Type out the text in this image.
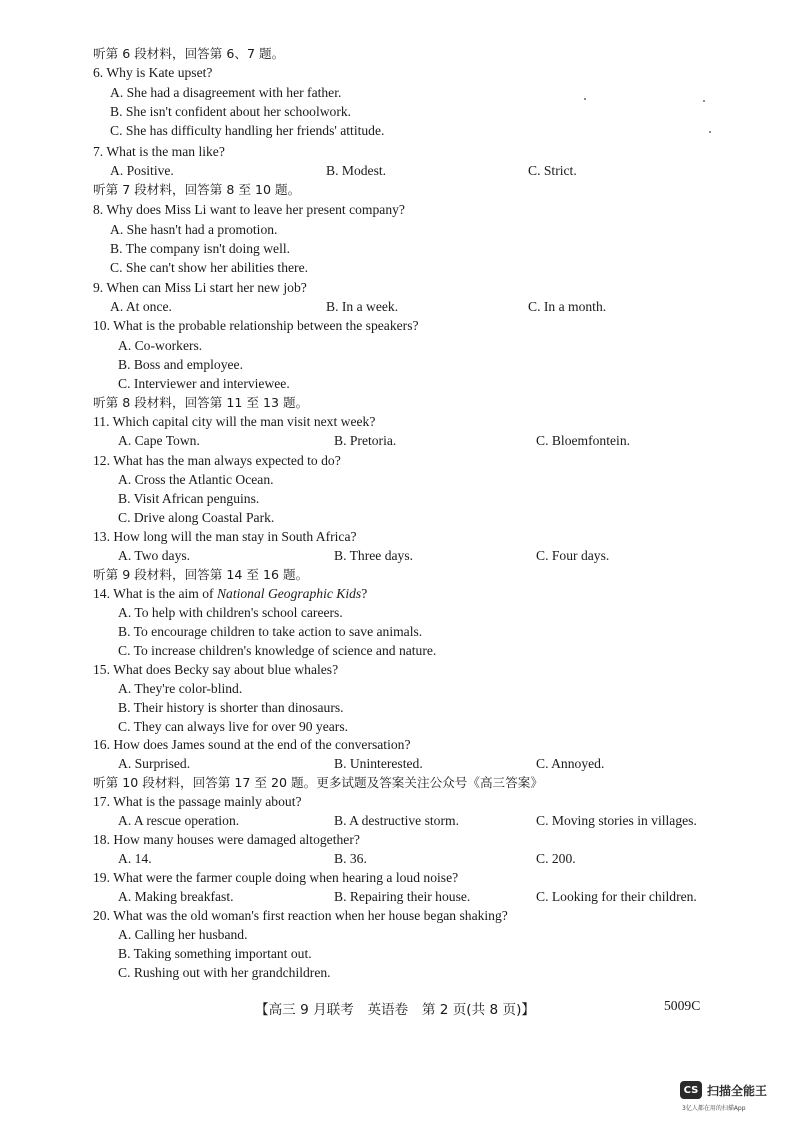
听第 6 段材料，回答第 6、7 题。
6. Why is Kate upset?
A. She had a disagreement with her father.
B. She isn't confident about her schoolwork.
C. She has difficulty handling her friends' attitude.
7. What is the man like?
A. Positive.	B. Modest.	C. Strict.
听第 7 段材料，回答第 8 至 10 题。
8. Why does Miss Li want to leave her present company?
A. She hasn't had a promotion.
B. The company isn't doing well.
C. She can't show her abilities there.
9. When can Miss Li start her new job?
A. At once.	B. In a week.	C. In a month.
10. What is the probable relationship between the speakers?
A. Co-workers.
B. Boss and employee.
C. Interviewer and interviewee.
听第 8 段材料，回答第 11 至 13 题。
11. Which capital city will the man visit next week?
A. Cape Town.	B. Pretoria.	C. Bloemfontein.
12. What has the man always expected to do?
A. Cross the Atlantic Ocean.
B. Visit African penguins.
C. Drive along Coastal Park.
13. How long will the man stay in South Africa?
A. Two days.	B. Three days.	C. Four days.
听第 9 段材料，回答第 14 至 16 题。
14. What is the aim of National Geographic Kids?
A. To help with children's school careers.
B. To encourage children to take action to save animals.
C. To increase children's knowledge of science and nature.
15. What does Becky say about blue whales?
A. They're color-blind.
B. Their history is shorter than dinosaurs.
C. They can always live for over 90 years.
16. How does James sound at the end of the conversation?
A. Surprised.	B. Uninterested.	C. Annoyed.
听第 10 段材料，回答第 17 至 20 题。更多试题及答案关注公众号《高三答案》
17. What is the passage mainly about?
A. A rescue operation.	B. A destructive storm.	C. Moving stories in villages.
18. How many houses were damaged altogether?
A. 14.	B. 36.	C. 200.
19. What were the farmer couple doing when hearing a loud noise?
A. Making breakfast.	B. Repairing their house.	C. Looking for their children.
20. What was the old woman's first reaction when her house began shaking?
A. Calling her husband.
B. Taking something important out.
C. Rushing out with her grandchildren.
【高三 9 月联考　英语卷　第 2 页(共 8 页)】	5009C
CS 扫描全能王
3亿人都在用的扫描App
